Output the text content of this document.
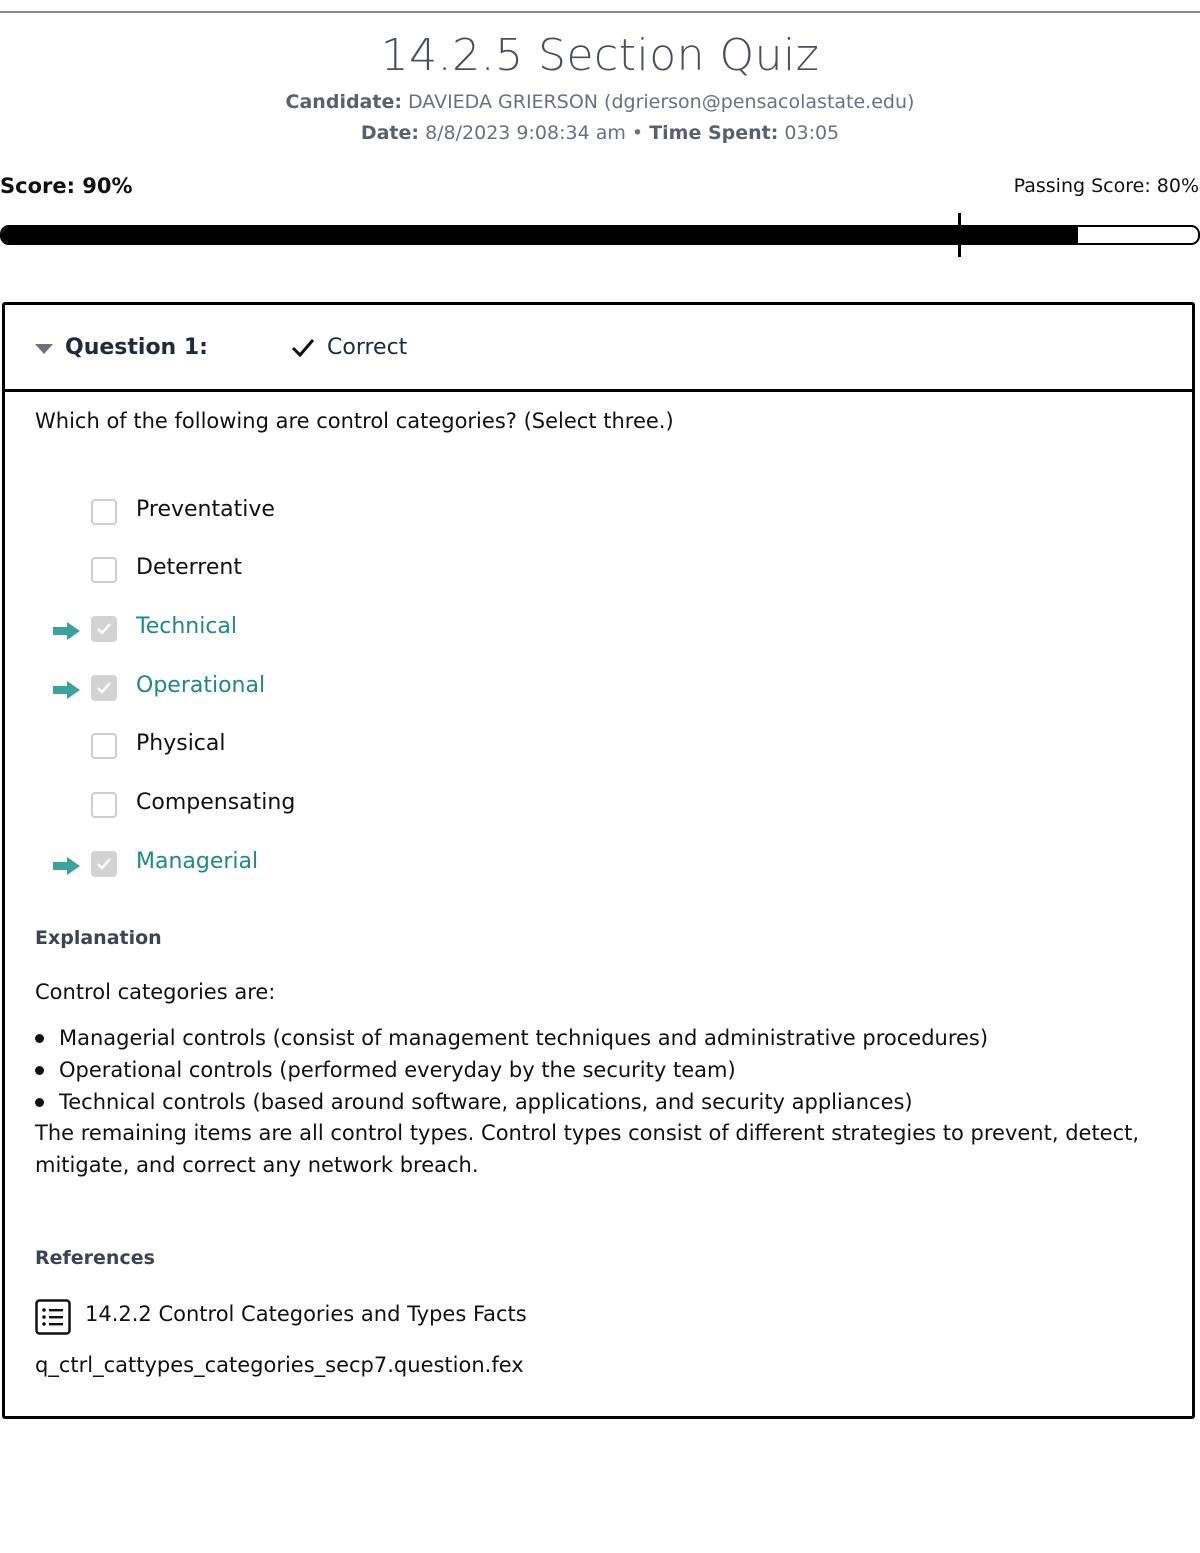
14.2.5 Section Quiz
Candidate: DAVIEDA GRIERSON (dgrierson@pensacolastate.edu)
Date: 8/8/2023 9:08:34 am • Time Spent: 03:05
Score: 90%	Passing Score: 80%
Question 1:	Correct
Which of the following are control categories? (Select three.)
Preventative
Deterrent
Technical
Operational
Physical
Compensating
Managerial
Explanation
Control categories are:
Managerial controls (consist of management techniques and administrative procedures)
Operational controls (performed everyday by the security team)
Technical controls (based around software, applications, and security appliances)
The remaining items are all control types. Control types consist of different strategies to prevent, detect, mitigate, and correct any network breach.
References
14.2.2 Control Categories and Types Facts
q_ctrl_cattypes_categories_secp7.question.fex
